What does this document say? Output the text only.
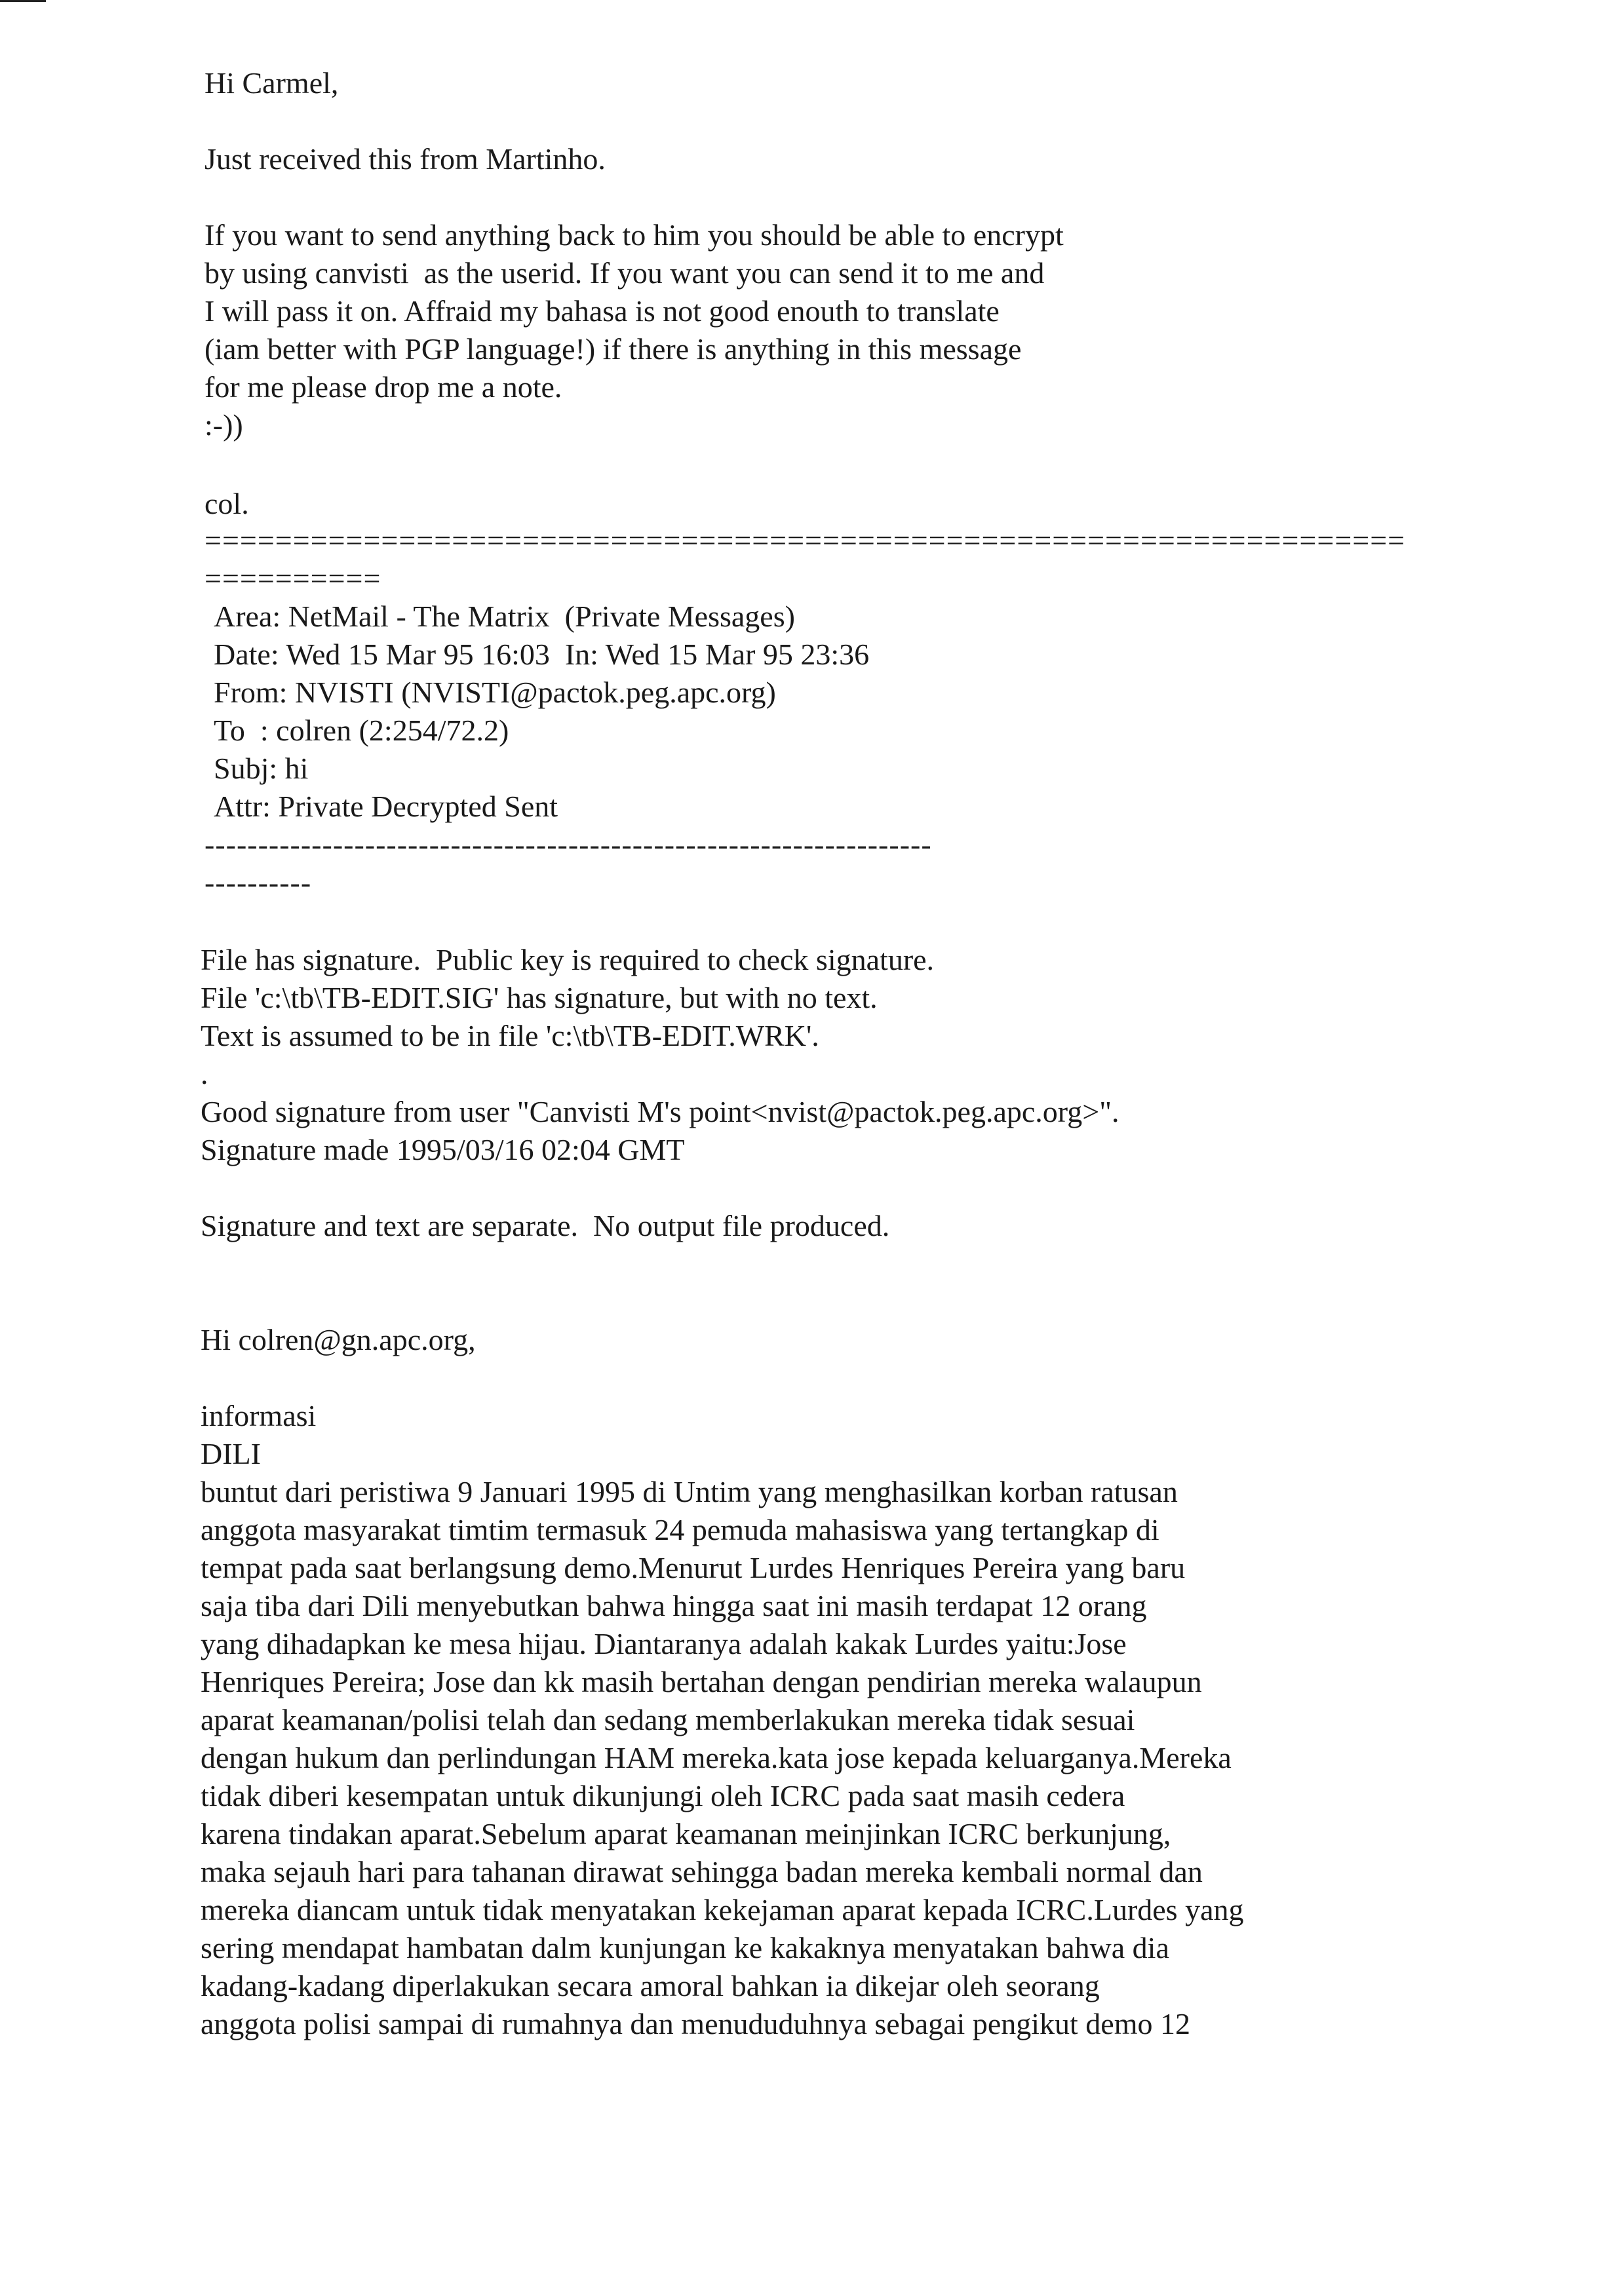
Hi Carmel,

Just received this from Martinho.

If you want to send anything back to him you should be able to encrypt

by using canvisti  as the userid. If you want you can send it to me and

I will pass it on. Affraid my bahasa is not good enouth to translate

(iam better with PGP language!) if there is anything in this message

for me please drop me a note.

:-))

col.

====================================================================

==========

Area: NetMail - The Matrix  (Private Messages)

Date: Wed 15 Mar 95 16:03  In: Wed 15 Mar 95 23:36

From: NVISTI (NVISTI@pactok.peg.apc.org)

To  : colren (2:254/72.2)

Subj: hi

Attr: Private Decrypted Sent

--------------------------------------------------------------------

----------

File has signature.  Public key is required to check signature.

File 'c:\tb\TB-EDIT.SIG' has signature, but with no text.

Text is assumed to be in file 'c:\tb\TB-EDIT.WRK'.

.

Good signature from user "Canvisti M's point<nvist@pactok.peg.apc.org>".

Signature made 1995/03/16 02:04 GMT

Signature and text are separate.  No output file produced.

Hi colren@gn.apc.org,

informasi

DILI

buntut dari peristiwa 9 Januari 1995 di Untim yang menghasilkan korban ratusan

anggota masyarakat timtim termasuk 24 pemuda mahasiswa yang tertangkap di

tempat pada saat berlangsung demo.Menurut Lurdes Henriques Pereira yang baru

saja tiba dari Dili menyebutkan bahwa hingga saat ini masih terdapat 12 orang

yang dihadapkan ke mesa hijau. Diantaranya adalah kakak Lurdes yaitu:Jose

Henriques Pereira; Jose dan kk masih bertahan dengan pendirian mereka walaupun

aparat keamanan/polisi telah dan sedang memberlakukan mereka tidak sesuai

dengan hukum dan perlindungan HAM mereka.kata jose kepada keluarganya.Mereka

tidak diberi kesempatan untuk dikunjungi oleh ICRC pada saat masih cedera

karena tindakan aparat.Sebelum aparat keamanan meinjinkan ICRC berkunjung,

maka sejauh hari para tahanan dirawat sehingga badan mereka kembali normal dan

mereka diancam untuk tidak menyatakan kekejaman aparat kepada ICRC.Lurdes yang

sering mendapat hambatan dalm kunjungan ke kakaknya menyatakan bahwa dia

kadang-kadang diperlakukan secara amoral bahkan ia dikejar oleh seorang

anggota polisi sampai di rumahnya dan menududuhnya sebagai pengikut demo 12
